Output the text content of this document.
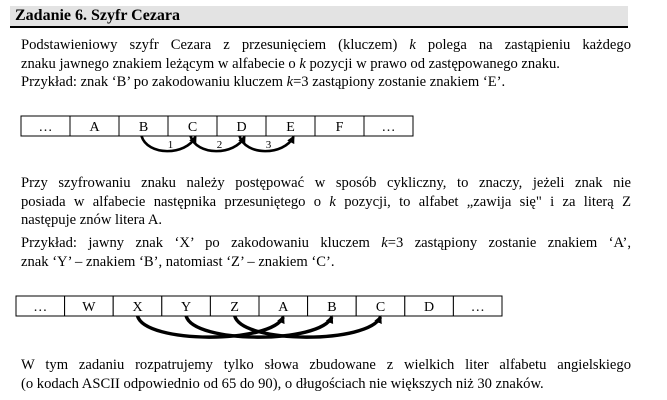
Zadanie 6. Szyfr Cezara
Podstawieniowy szyfr Cezara z przesunięciem (kluczem) k polega na zastąpieniu każdego
znaku jawnego znakiem leżącym w alfabecie o k pozycji w prawo od zastępowanego znaku.
Przykład: znak ‘B’ po zakodowaniu kluczem k=3 zastąpiony zostanie znakiem ‘E’.
…	A	B	C	D	E	F	…
1	2	3
… W	X	Y	Z	A	B	C	D	…
Przy szyfrowaniu znaku należy postępować w sposób cykliczny, to znaczy, jeżeli znak nie
posiada w alfabecie następnika przesuniętego o k pozycji, to alfabet „zawija się" i za literą Z
następuje znów litera A.
Przykład: jawny znak ‘X’ po zakodowaniu kluczem k=3 zastąpiony zostanie znakiem ‘A’,
znak ‘Y’ – znakiem ‘B’, natomiast ‘Z’ – znakiem ‘C’.
W tym zadaniu rozpatrujemy tylko słowa zbudowane z wielkich liter alfabetu angielskiego
(o kodach ASCII odpowiednio od 65 do 90), o długościach nie większych niż 30 znaków.
